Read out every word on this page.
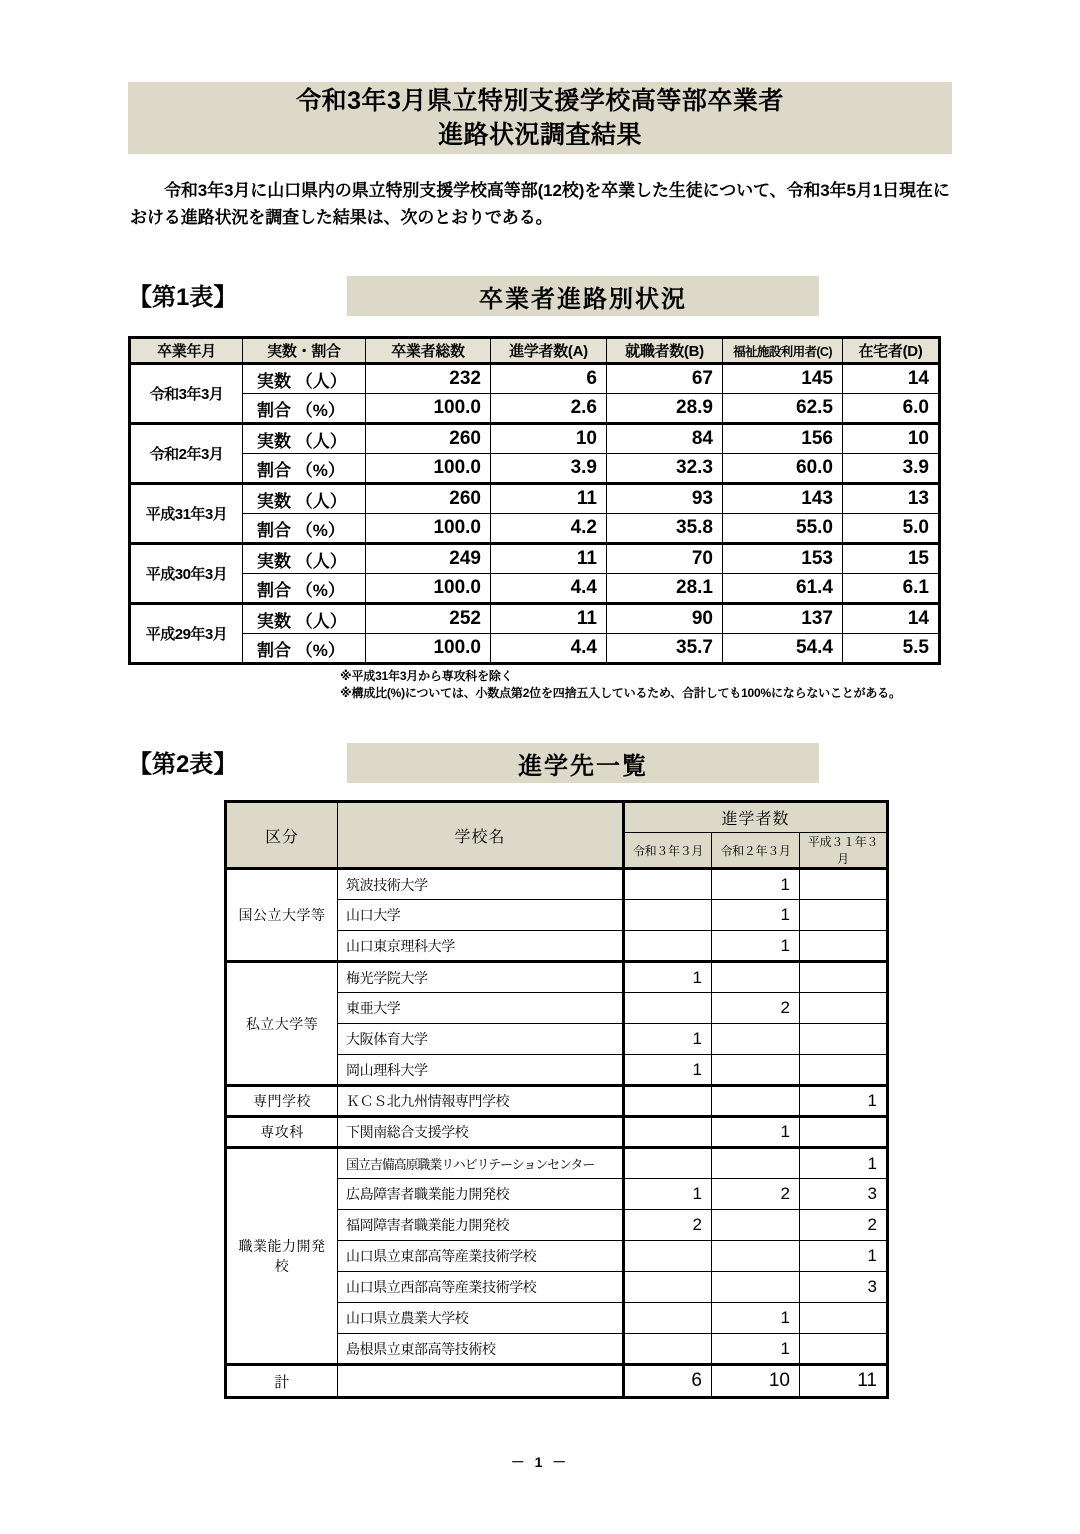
令和3年3月県立特別支援学校高等部卒業者
進路状況調査結果

令和3年3月に山口県内の県立特別支援学校高等部(12校)を卒業した生徒について、令和3年5月1日現在における進路状況を調査した結果は、次のとおりである。

【第1表】	卒業者進路別状況
卒業年月	実数・割合	卒業者総数	進学者数(A)	就職者数(B)	福祉施設利用者(C)	在宅者(D)
令和3年3月	実数 （人）	232	6	67	145	14
	割合 （%）	100.0	2.6	28.9	62.5	6.0
令和2年3月	実数 （人）	260	10	84	156	10
	割合 （%）	100.0	3.9	32.3	60.0	3.9
平成31年3月	実数 （人）	260	11	93	143	13
	割合 （%）	100.0	4.2	35.8	55.0	5.0
平成30年3月	実数 （人）	249	11	70	153	15
	割合 （%）	100.0	4.4	28.1	61.4	6.1
平成29年3月	実数 （人）	252	11	90	137	14
	割合 （%）	100.0	4.4	35.7	54.4	5.5
※平成31年3月から専攻科を除く
※構成比(%)については、小数点第2位を四捨五入しているため、合計しても100%にならないことがある。
【第2表】	進学先一覧
区分	学校名	進学者数		
		令和３年３月	令和２年３月	平成３１年３月
国公立大学等	筑波技術大学		1	
	山口大学		1	
	山口東京理科大学		1	
私立大学等	梅光学院大学	1		
	東亜大学		2	
	大阪体育大学	1		
	岡山理科大学	1		
専門学校	ＫＣＳ北九州情報専門学校			1
専攻科	下関南総合支援学校		1	
職業能力開発校	国立吉備高原職業リハビリテーションセンター			1
	広島障害者職業能力開発校	1	2	3
	福岡障害者職業能力開発校	2		2
	山口県立東部高等産業技術学校			1
	山口県立西部高等産業技術学校			3
	山口県立農業大学校		1	
	島根県立東部高等技術校		1	
計		6	10	11
－ 1 －
